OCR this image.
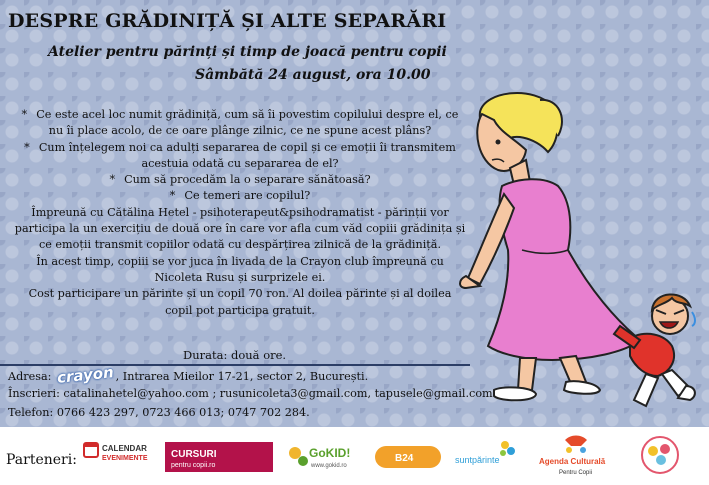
DESPRE GRĂDINIȚĂ ȘI ALTE SEPARĂRI
Atelier pentru părinți și timp de joacă pentru copii
Sâmbătă 24 august, ora 10.00

* Ce este acel loc numit grădiniță, cum să îi povestim copilului despre el, ce nu îi place acolo, de ce oare plânge zilnic, ce ne spune acest plâns?

* Cum înțelegem noi ca adulți separarea de copil și ce emoții îi transmitem acestuia odată cu separarea de el?

* Cum să procedăm la o separare sănătoasă?

* Ce temeri are copilul?

Împreună cu Cătălina Hetel - psihoterapeut&psihodramatist - părinții vor participa la un exercițiu de două ore în care vor afla cum văd copiii grădinița și ce emoții transmit copiilor odată cu despărțirea zilnică de la grădiniță.

În acest timp, copiii se vor juca în livada de la Crayon club împreună cu Nicoleta Rusu și surprizele ei.

Cost participare un părinte și un copil 70 ron. Al doilea părinte și al doilea copil pot participa gratuit.

Durata: două ore.
Adresa: crayon, Intrarea Mieilor 17-21, sector 2, București.
Înscrieri: catalinahetel@yahoo.com ; rusunicoleta3@gmail.com, tapusele@gmail.com
Telefon: 0766 423 297, 0723 466 013; 0747 702 284.
Parteneri:
CALENDAR
EVENIMENTE CURSURI
pentru copii.ro
GoKID!
www.gokid.ro
B24	suntpărinte	Agenda Culturală
Pentru Copii
